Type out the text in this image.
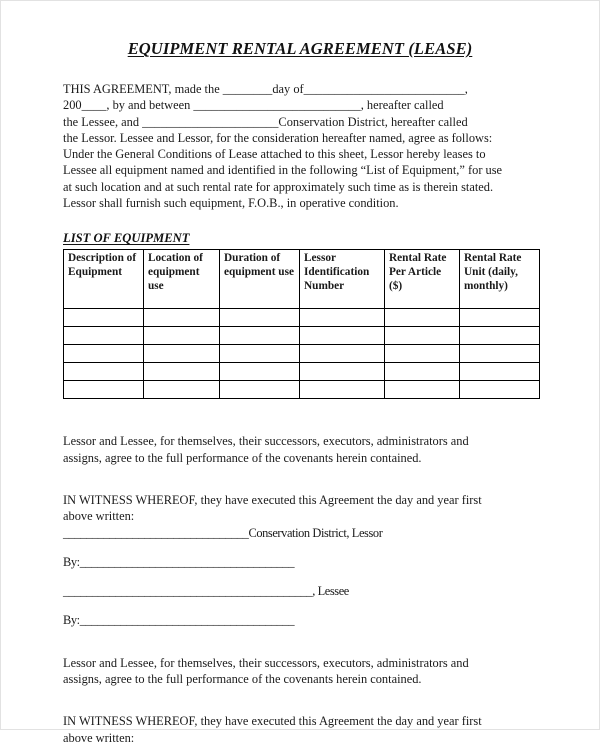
EQUIPMENT RENTAL AGREEMENT (LEASE)

THIS AGREEMENT, made the ________day of__________________________,

200____, by and between ___________________________, hereafter called

the Lessee, and ______________________Conservation District, hereafter called

the Lessor. Lessee and Lessor, for the consideration hereafter named, agree as follows:

Under the General Conditions of Lease attached to this sheet, Lessor hereby leases to

Lessee all equipment named and identified in the following “List of Equipment,” for use

at such location and at such rental rate for approximately such time as is therein stated.

Lessor shall furnish such equipment, F.O.B., in operative condition.

LIST OF EQUIPMENT
Description of Equipment	Location of equipment use	Duration of equipment use	Lessor Identification Number	Rental Rate Per Article ($)	Rental Rate Unit (daily, monthly)

Lessor and Lessee, for themselves, their successors, executors, administrators and

assigns, agree to the full performance of the covenants herein contained.

IN WITNESS WHEREOF, they have executed this Agreement the day and year first

above written:

________________________________Conservation District, Lessor

By:_____________________________________

___________________________________________, Lessee

By:_____________________________________

Lessor and Lessee, for themselves, their successors, executors, administrators and

assigns, agree to the full performance of the covenants herein contained.

IN WITNESS WHEREOF, they have executed this Agreement the day and year first

above written:
